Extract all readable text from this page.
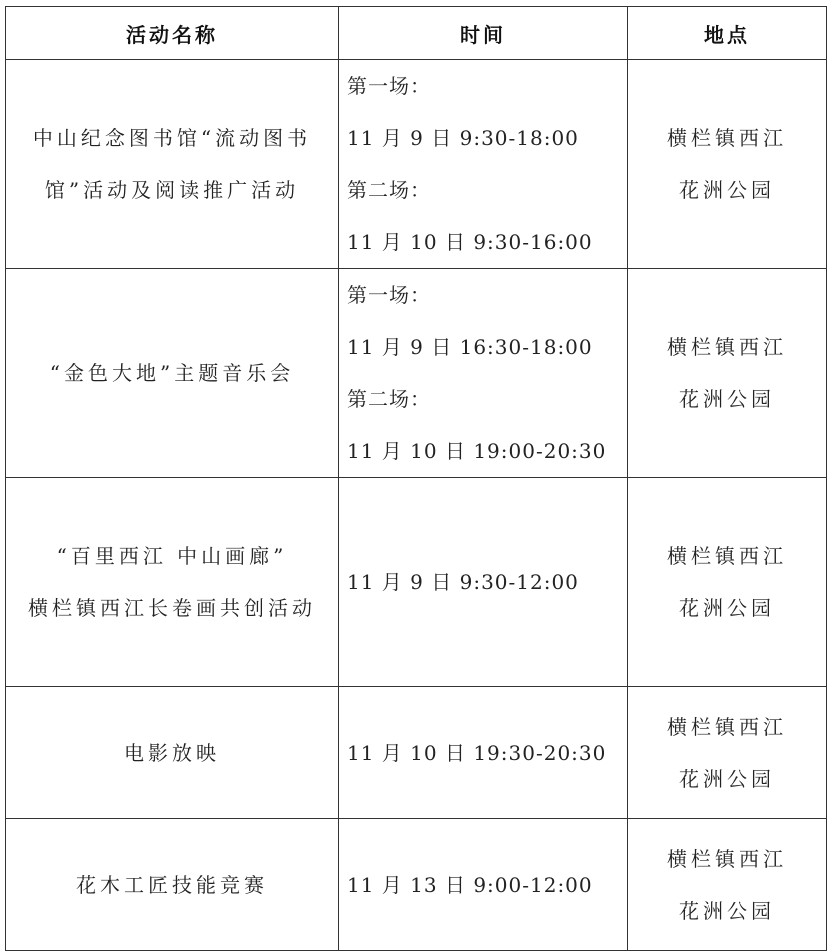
活动名称	时间	地点

中山纪念图书馆“流动图书
馆”活动及阅读推广活动	第一场：
11 月 9 日 9:30-18:00
第二场：
11 月 10 日 9:30-16:00	横栏镇西江
花洲公园

“金色大地”主题音乐会	第一场：
11 月 9 日 16:30-18:00
第二场：
11 月 10 日 19:00-20:30	横栏镇西江
花洲公园

“百里西江 中山画廊”
横栏镇西江长卷画共创活动	11 月 9 日 9:30-12:00	横栏镇西江
花洲公园

电影放映	11 月 10 日 19:30-20:30	横栏镇西江
花洲公园

花木工匠技能竞赛	11 月 13 日 9:00-12:00	横栏镇西江
花洲公园
